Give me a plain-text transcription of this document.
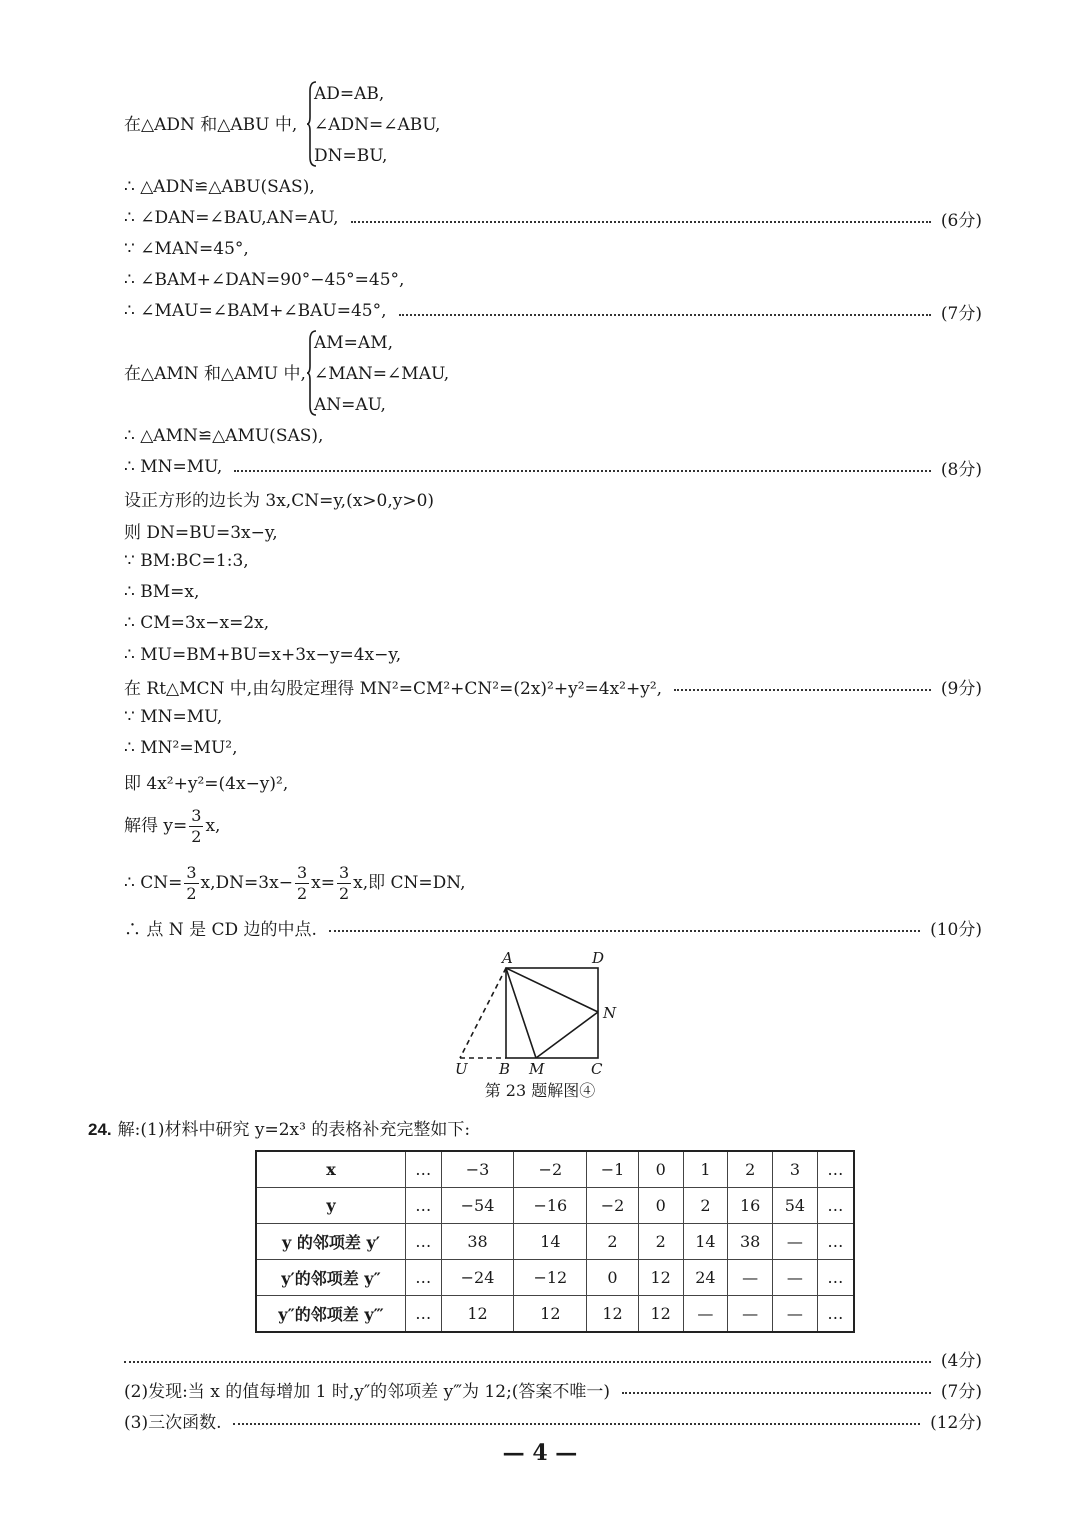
在△ADN 和△ABU 中,
AD=AB,
∠ADN=∠ABU,
DN=BU,
∴ △ADN≌△ABU(SAS),
∴ ∠DAN=∠BAU,AN=AU,	(6分)
∵ ∠MAN=45°,
∴ ∠BAM+∠DAN=90°−45°=45°,
∴ ∠MAU=∠BAM+∠BAU=45°,	(7分)
在△AMN 和△AMU 中,
AM=AM,
∠MAN=∠MAU,
AN=AU,
∴ △AMN≌△AMU(SAS),
∴ MN=MU,	(8分)
设正方形的边长为 3x,CN=y,(x>0,y>0)
则 DN=BU=3x−y,
∵ BM:BC=1:3,
∴ BM=x,
∴ CM=3x−x=2x,
∴ MU=BM+BU=x+3x−y=4x−y,
在 Rt△MCN 中,由勾股定理得 MN²=CM²+CN²=(2x)²+y²=4x²+y²,	(9分)
∵ MN=MU,
∴ MN²=MU²,
即 4x²+y²=(4x−y)²,
解得 $y= \frac{3}{2} x$,
∴ $CN= \frac{3}{2} x,DN=3x- \frac{3}{2} x= \frac{3}{2} x$,即 CN=DN,
∴ 点 N 是 CD 边的中点.	(10分)
A	D
N
U B M	C
第 23 题解图④
24. 解:(1)材料中研究 y=2x³ 的表格补充完整如下:
x	…	−3	−2	−1	0	1	2	3	…
y	…	−54	−16	−2	0	2	16	54	…
y 的邻项差 y′	…	38	14	2	2	14	38	—	…
y′的邻项差 y″	…	−24	−12	0	12	24	—	—	…
y″的邻项差 y‴	…	12	12	12	12	—	—	—	…
(4分)
(2)发现:当 x 的值每增加 1 时,y″的邻项差 y‴为 12;(答案不唯一)	(7分)
(3)三次函数.	(12分)
— 4 —
